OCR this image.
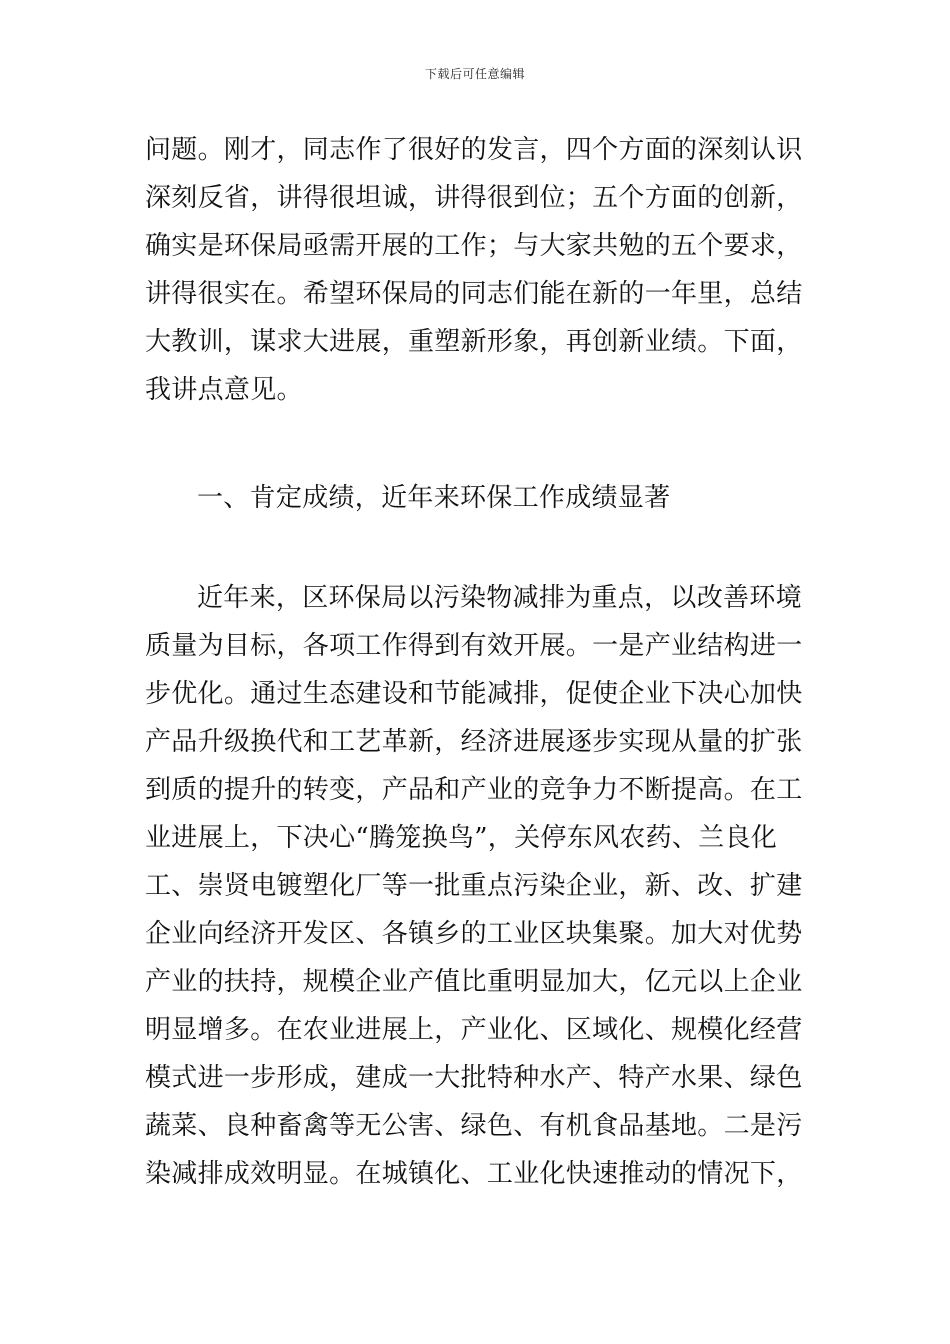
下载后可任意编辑
问题。刚才，同志作了很好的发言，四个方面的深刻认识
深刻反省，讲得很坦诚，讲得很到位；五个方面的创新，
确实是环保局亟需开展的工作；与大家共勉的五个要求，
讲得很实在。希望环保局的同志们能在新的一年里，总结
大教训，谋求大进展，重塑新形象，再创新业绩。下面，
我讲点意见。
一、肯定成绩，近年来环保工作成绩显著
近年来，区环保局以污染物减排为重点，以改善环境
质量为目标，各项工作得到有效开展。一是产业结构进一
步优化。通过生态建设和节能减排，促使企业下决心加快
产品升级换代和工艺革新，经济进展逐步实现从量的扩张
到质的提升的转变，产品和产业的竞争力不断提高。在工
业进展上，下决心“腾笼换鸟”，关停东风农药、兰良化
工、崇贤电镀塑化厂等一批重点污染企业，新、改、扩建
企业向经济开发区、各镇乡的工业区块集聚。加大对优势
产业的扶持，规模企业产值比重明显加大，亿元以上企业
明显增多。在农业进展上，产业化、区域化、规模化经营
模式进一步形成，建成一大批特种水产、特产水果、绿色
蔬菜、良种畜禽等无公害、绿色、有机食品基地。二是污
染减排成效明显。在城镇化、工业化快速推动的情况下，
